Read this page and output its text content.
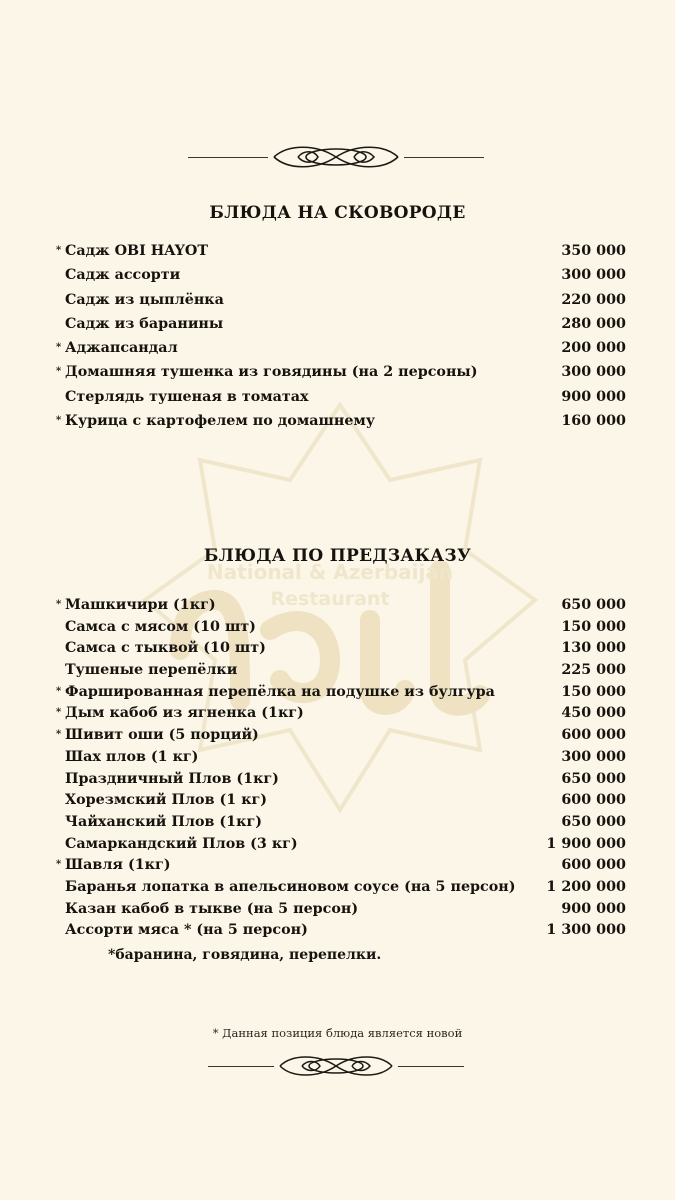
National & Azerbaijan
Restaurant
БЛЮДА НА СКОВОРОДЕ
* Садж OBI HAYOT	350 000
Садж ассорти	300 000
Садж из цыплёнка	220 000
Садж из баранины	280 000
* Аджапсандал	200 000
* Домашняя тушенка из говядины (на 2 персоны)	300 000
Стерлядь тушеная в томатах	900 000
* Курица с картофелем по домашнему	160 000
БЛЮДА ПО ПРЕДЗАКАЗУ
* Машкичири (1кг)	650 000
Самса с мясом (10 шт)	150 000
Самса с тыквой (10 шт)	130 000
Тушеные перепёлки	225 000
* Фаршированная перепёлка на подушке из булгура	150 000
* Дым кабоб из ягненка (1кг)	450 000
* Шивит оши (5 порций)	600 000
Шах плов (1 кг)	300 000
Праздничный Плов (1кг)	650 000
Хорезмский Плов (1 кг)	600 000
Чайханский Плов (1кг)	650 000
Самаркандский Плов (3 кг)	1 900 000
* Шавля (1кг)	600 000
Баранья лопатка в апельсиновом соусе (на 5 персон)	1 200 000
Казан кабоб в тыкве (на 5 персон)	900 000
Ассорти мяса * (на 5 персон)	1 300 000
*баранина, говядина, перепелки.
* Данная позиция блюда является новой
